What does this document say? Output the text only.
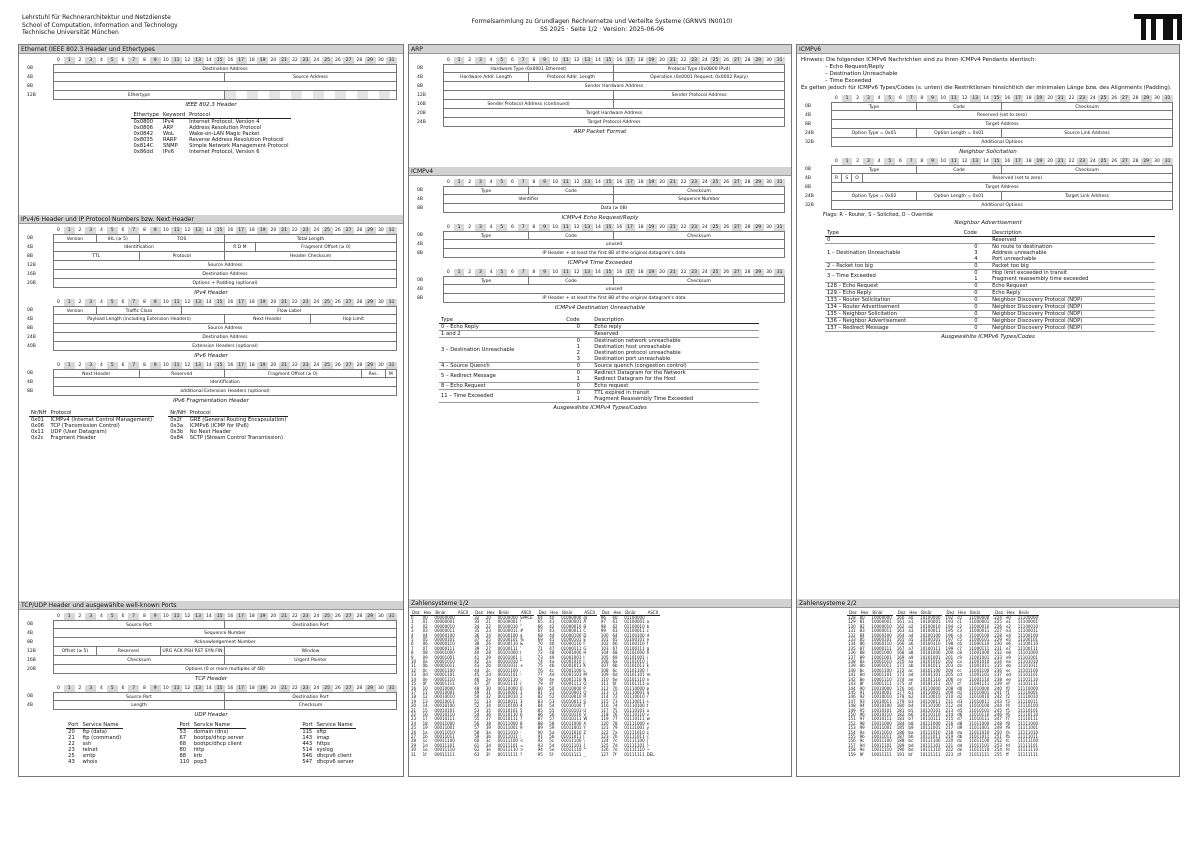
Lehrstuhl für Rechnerarchitektur und Netzdienste
School of Computation, Information and Technology
Technische Universität München
Formelsammlung zu Grundlagen Rechnernetze und Verteilte Systeme (GRNVS IN0010)
SS 2025 · Seite 1/2 · Version: 2025-06-06
Ethernet (IEEE 802.3 Header und Ethertypes
0	1	2	3	4	5	6	7	8	9	10	11	12	13	14	15	16	17	18	19	20	21	22	23	24	25	26	27	28	29	30	31
0B	Destination Address
4B	Source Address
8B
12B	Ethertype
IEEE 802.3 Header
Ethertype	Keyword	Protocol
0x0800	IPv4	Internet Protocol, Version 4
0x0806	ARP	Address Resolution Protocol
0x0842	WoL	Wake-on-LAN Magic Packet
0x8035	RARP	Reverse Address Resolution Protocol
0x814C	SNMP	Simple Network Management Protocol
0x86dd	IPv6	Internet Protocol, Version 6
IPv4/6 Header und IP Protocol Numbers bzw. Next Header
0	1	2	3	4	5	6	7	8	9	10	11	12	13	14	15	16	17	18	19	20	21	22	23	24	25	26	27	28	29	30	31
0B	Version	IHL (≥ 5)	TOS	Total Length
4B	Identification	R D M	Fragment Offset (≥ 0)
8B	TTL	Protocol	Header Checksum
12B	Source Address
16B	Destination Address
20B	Options + Padding (optional)
IPv4 Header
0	1	2	3	4	5	6	7	8	9	10	11	12	13	14	15	16	17	18	19	20	21	22	23	24	25	26	27	28	29	30	31
0B	Version	Traffic Class	Flow Label
4B	Payload Length (including Extension Headers)	Next Header	Hop Limit
8B	Source Address
24B	Destination Address
40B	Extension Headers (optional)
IPv6 Header
0	1	2	3	4	5	6	7	8	9	10	11	12	13	14	15	16	17	18	19	20	21	22	23	24	25	26	27	28	29	30	31
0B	Next Header	Reserved	Fragment Offset (≥ 0)	Res.	M
4B	Identification
8B	additional Extension Headers (optional)
IPv6 Fragmentation Header
Nr/NH	Protocol
0x01	ICMPv4 (Internet Control Management)
0x06	TCP (Transmission Control)
0x11	UDP (User Datagram)
0x2c	Fragment Header
Nr/NH	Protocol
0x2f	GRE (General Routing Encapsulation)
0x3a	ICMPv6 (ICMP for IPv6)
0x3b	No Next Header
0x84	SCTP (Stream Control Transmission)
TCP/UDP Header und ausgewählte well-known Ports
0	1	2	3	4	5	6	7	8	9	10	11	12	13	14	15	16	17	18	19	20	21	22	23	24	25	26	27	28	29	30	31
0B	Source Port	Destination Port
4B	Sequence Number
8B	Acknowledgement Number
12B	Offset (≥ 5)	Reserved	URG ACK PSH RST SYN FIN	Window
16B	Checksum	Urgent Pointer
20B	Options (0 or more multiples of 4B)
TCP Header
0	1	2	3	4	5	6	7	8	9	10	11	12	13	14	15	16	17	18	19	20	21	22	23	24	25	26	27	28	29	30	31
0B	Source Port	Destination Port
4B	Length	Checksum
UDP Header
Port	Service Name
20	ftp (data)
21	ftp (command)
22	ssh
23	telnet
25	smtp
43	whois
Port	Service Name
53	domain (dns)
67	bootps/dhcp server
68	bootpc/dhcp client
80	http
88	krb
110	pop3
Port	Service Name
115	sftp
143	imap
443	https
514	syslog
546	dhcpv6 client
547	dhcpv6 server
ARP
0	1	2	3	4	5	6	7	8	9	10	11	12	13	14	15	16	17	18	19	20	21	22	23	24	25	26	27	28	29	30	31
0B	Hardware Type (0x0001 Ethernet)	Protocol Type (0x0800 IPv4)
4B	Hardware Addr. Length	Protocol Addr. Length	Operation (0x0001 Request, 0x0002 Reply)
8B	Sender Hardware Address
12B	Sender Protocol Address
16B	Sender Protocol Address (continued)
20B	Target Hardware Address
24B	Target Protocol Address
ARP Packet Format
ICMPv4
0	1	2	3	4	5	6	7	8	9	10	11	12	13	14	15	16	17	18	19	20	21	22	23	24	25	26	27	28	29	30	31
0B	Type	Code	Checksum
4B	Identifier	Sequence Number
8B	Data (≥ 0B)
ICMPv4 Echo Request/Reply
0	1	2	3	4	5	6	7	8	9	10	11	12	13	14	15	16	17	18	19	20	21	22	23	24	25	26	27	28	29	30	31
0B	Type	Code	Checksum
4B	unused
8B	IP Header + at least the first 8B of the original datagram's data
ICMPv4 Time Exceeded
0	1	2	3	4	5	6	7	8	9	10	11	12	13	14	15	16	17	18	19	20	21	22	23	24	25	26	27	28	29	30	31
0B	Type	Code	Checksum
4B	unused
8B	IP Header + at least the first 8B of the original datagram's data
ICMPv4 Destination Unreachable
Type	Code	Description
0 – Echo Reply	0	Echo reply
1 and 2		Reserved
3 – Destination Unreachable	0	Destination network unreachable
	1	Destination host unreachable
	2	Destination protocol unreachable
	3	Destination port unreachable
4 – Source Quench	0	Source quench (congestion control)
5 – Redirect Message	0	Redirect Datagram for the Network
	1	Redirect Datagram for the Host
8 – Echo Request	0	Echo request
11 – Time Exceeded	0	TTL expired in transit
	1	Fragment Reassembly Time Exceeded
Ausgewählte ICMPv4 Types/Codes
Zahlensysteme 1/2
Dez	Hex	Binär	ASCII
0	00	00000000	
1	01	00000001	
2	02	00000010	
3	03	00000011	
4	04	00000100	
5	05	00000101	
6	06	00000110	
7	07	00000111	
8	08	00001000	
9	09	00001001	
10	0a	00001010	
11	0b	00001011	
12	0c	00001100	
13	0d	00001101	
14	0e	00001110	
15	0f	00001111	
16	10	00010000	
17	11	00010001	
18	12	00010010	
19	13	00010011	
20	14	00010100	
21	15	00010101	
22	16	00010110	
23	17	00010111	
24	18	00011000	
25	19	00011001	
26	1a	00011010	
27	1b	00011011	
28	1c	00011100	
29	1d	00011101	
30	1e	00011110	
31	1f	00011111	
Dez	Hex	Binär	ASCII
32	20	00100000	SPACE
33	21	00100001	!
34	22	00100010	"
35	23	00100011	#
36	24	00100100	$
37	25	00100101	%
38	26	00100110	&
39	27	00100111	'
40	28	00101000	(
41	29	00101001	)
42	2a	00101010	*
43	2b	00101011	+
44	2c	00101100	,
45	2d	00101101	-
46	2e	00101110	.
47	2f	00101111	/
48	30	00110000	0
49	31	00110001	1
50	32	00110010	2
51	33	00110011	3
52	34	00110100	4
53	35	00110101	5
54	36	00110110	6
55	37	00110111	7
56	38	00111000	8
57	39	00111001	9
58	3a	00111010	:
59	3b	00111011	;
60	3c	00111100	<
61	3d	00111101	=
62	3e	00111110	>
63	3f	00111111	?
Dez	Hex	Binär	ASCII
64	40	01000000	@
65	41	01000001	A
66	42	01000010	B
67	43	01000011	C
68	44	01000100	D
69	45	01000101	E
70	46	01000110	F
71	47	01000111	G
72	48	01001000	H
73	49	01001001	I
74	4a	01001010	J
75	4b	01001011	K
76	4c	01001100	L
77	4d	01001101	M
78	4e	01001110	N
79	4f	01001111	O
80	50	01010000	P
81	51	01010001	Q
82	52	01010010	R
83	53	01010011	S
84	54	01010100	T
85	55	01010101	U
86	56	01010110	V
87	57	01010111	W
88	58	01011000	X
89	59	01011001	Y
90	5a	01011010	Z
91	5b	01011011	[
92	5c	01011100	\
93	5d	01011101	]
94	5e	01011110	^
95	5f	01011111	_
Dez	Hex	Binär	ASCII
96	60	01100000	`
97	61	01100001	a
98	62	01100010	b
99	63	01100011	c
100	64	01100100	d
101	65	01100101	e
102	66	01100110	f
103	67	01100111	g
104	68	01101000	h
105	69	01101001	i
106	6a	01101010	j
107	6b	01101011	k
108	6c	01101100	l
109	6d	01101101	m
110	6e	01101110	n
111	6f	01101111	o
112	70	01110000	p
113	71	01110001	q
114	72	01110010	r
115	73	01110011	s
116	74	01110100	t
117	75	01110101	u
118	76	01110110	v
119	77	01110111	w
120	78	01111000	x
121	79	01111001	y
122	7a	01111010	z
123	7b	01111011	{
124	7c	01111100	|
125	7d	01111101	}
126	7e	01111110	~
127	7f	01111111	DEL
ICMPv6
Hinweis: Die folgenden ICMPv6 Nachrichten sind zu ihren ICMPv4 Pendants identisch:
– Echo Request/Reply
– Destination Unreachable
– Time Exceeded
Es gelten jedoch für ICMPv6 Types/Codes (s. unten) die Restriktionen hinsichtlich der minimalen Länge bzw. des Alignments (Padding).
0	1	2	3	4	5	6	7	8	9	10	11	12	13	14	15	16	17	18	19	20	21	22	23	24	25	26	27	28	29	30	31
0B	Type	Code	Checksum
4B	Reserved (set to zero)
8B	Target Address
24B	Option Type = 0x01	Option Length = 0x01	Source Link Address
32B	Additional Options
Neighbor Solicitation
0	1	2	3	4	5	6	7	8	9	10	11	12	13	14	15	16	17	18	19	20	21	22	23	24	25	26	27	28	29	30	31
0B	Type	Code	Checksum
4B	R	S	O	Reserved (set to zero)
8B	Target Address
24B	Option Type = 0x02	Option Length = 0x01	Target Link Address
32B	Additional Options
Flags: R – Router, S – Solicited, O – Override
Neighbor Advertisement
Type	Code	Description
0		Reserved
1 – Destination Unreachable	0	No route to destination
	3	Address unreachable
	4	Port unreachable
2 – Packet too big	0	Packet too big
3 – Time Exceeded	0	Hop limit exceeded in transit
	1	Fragment reassembly time exceeded
128 – Echo Request	0	Echo Request
129 – Echo Reply	0	Echo Reply
133 – Router Solicitation	0	Neighbor Discovery Protocol (NDP)
134 – Router Advertisement	0	Neighbor Discovery Protocol (NDP)
135 – Neighbor Solicitation	0	Neighbor Discovery Protocol (NDP)
136 – Neighbor Advertisement	0	Neighbor Discovery Protocol (NDP)
137 – Redirect Message	0	Neighbor Discovery Protocol (NDP)
Ausgewählte ICMPv6 Types/Codes
Zahlensysteme 2/2
Dez	Hex	Binär
128	80	10000000
129	81	10000001
130	82	10000010
131	83	10000011
132	84	10000100
133	85	10000101
134	86	10000110
135	87	10000111
136	88	10001000
137	89	10001001
138	8a	10001010
139	8b	10001011
140	8c	10001100
141	8d	10001101
142	8e	10001110
143	8f	10001111
144	90	10010000
145	91	10010001
146	92	10010010
147	93	10010011
148	94	10010100
149	95	10010101
150	96	10010110
151	97	10010111
152	98	10011000
153	99	10011001
154	9a	10011010
155	9b	10011011
156	9c	10011100
157	9d	10011101
158	9e	10011110
159	9f	10011111
Dez	Hex	Binär
160	a0	10100000
161	a1	10100001
162	a2	10100010
163	a3	10100011
164	a4	10100100
165	a5	10100101
166	a6	10100110
167	a7	10100111
168	a8	10101000
169	a9	10101001
170	aa	10101010
171	ab	10101011
172	ac	10101100
173	ad	10101101
174	ae	10101110
175	af	10101111
176	b0	10110000
177	b1	10110001
178	b2	10110010
179	b3	10110011
180	b4	10110100
181	b5	10110101
182	b6	10110110
183	b7	10110111
184	b8	10111000
185	b9	10111001
186	ba	10111010
187	bb	10111011
188	bc	10111100
189	bd	10111101
190	be	10111110
191	bf	10111111
Dez	Hex	Binär
192	c0	11000000
193	c1	11000001
194	c2	11000010
195	c3	11000011
196	c4	11000100
197	c5	11000101
198	c6	11000110
199	c7	11000111
200	c8	11001000
201	c9	11001001
202	ca	11001010
203	cb	11001011
204	cc	11001100
205	cd	11001101
206	ce	11001110
207	cf	11001111
208	d0	11010000
209	d1	11010001
210	d2	11010010
211	d3	11010011
212	d4	11010100
213	d5	11010101
214	d6	11010110
215	d7	11010111
216	d8	11011000
217	d9	11011001
218	da	11011010
219	db	11011011
220	dc	11011100
221	dd	11011101
222	de	11011110
223	df	11011111
Dez	Hex	Binär
224	e0	11100000
225	e1	11100001
226	e2	11100010
227	e3	11100011
228	e4	11100100
229	e5	11100101
230	e6	11100110
231	e7	11100111
232	e8	11101000
233	e9	11101001
234	ea	11101010
235	eb	11101011
236	ec	11101100
237	ed	11101101
238	ee	11101110
239	ef	11101111
240	f0	11110000
241	f1	11110001
242	f2	11110010
243	f3	11110011
244	f4	11110100
245	f5	11110101
246	f6	11110110
247	f7	11110111
248	f8	11111000
249	f9	11111001
250	fa	11111010
251	fb	11111011
252	fc	11111100
253	fd	11111101
254	fe	11111110
255	ff	11111111
